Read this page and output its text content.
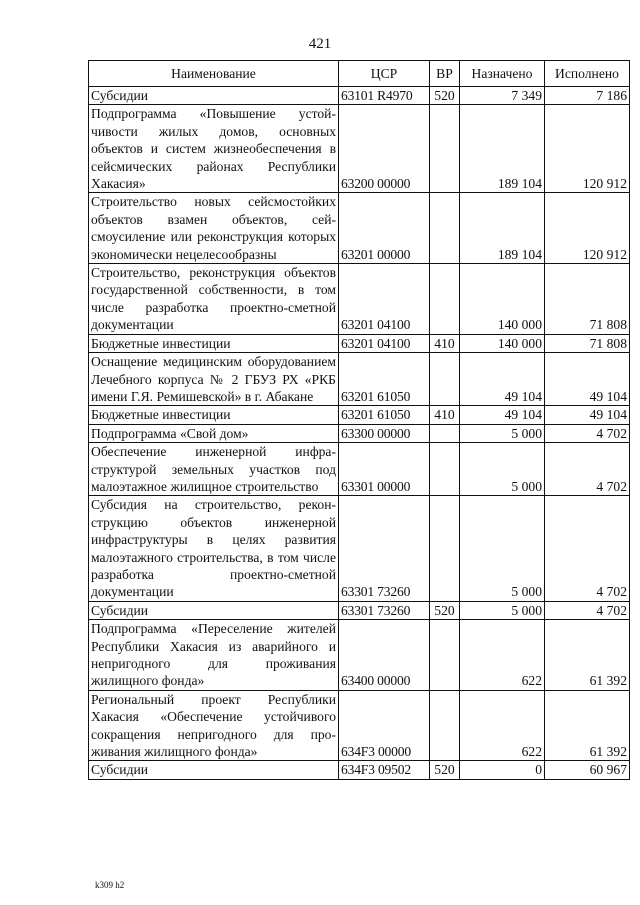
421
Наименование	ЦСР	ВР	Назначено	Исполнено
Субсидии	63101 R4970	520	7 349	7 186
Подпрограмма «Повышение устойчивости жилых домов, основных объектов и систем жизнеобеспечения в сейсмических районах Республики Хакасия»	63200 00000		189 104	120 912
Строительство новых сейсмостойких объектов взамен объектов, сейсмоусиление или реконструкция которых экономически нецелесообразны	63201 00000		189 104	120 912
Строительство, реконструкция объектов государственной собственности, в том числе разработка проектно-сметной документации	63201 04100		140 000	71 808
Бюджетные инвестиции	63201 04100	410	140 000	71 808
Оснащение медицинским оборудованием Лечебного корпуса № 2 ГБУЗ РХ «РКБ имени Г.Я. Ремишевской» в г. Абакане	63201 61050		49 104	49 104
Бюджетные инвестиции	63201 61050	410	49 104	49 104
Подпрограмма «Свой дом»	63300 00000		5 000	4 702
Обеспечение инженерной инфраструктурой земельных участков под малоэтажное жилищное строительство	63301 00000		5 000	4 702
Субсидия на строительство, реконструкцию объектов инженерной инфраструктуры в целях развития малоэтажного строительства, в том числе разработка проектно-сметной документации	63301 73260		5 000	4 702
Субсидии	63301 73260	520	5 000	4 702
Подпрограмма «Переселение жителей Республики Хакасия из аварийного и непригодного для проживания жилищного фонда»	63400 00000		622	61 392
Региональный проект Республики Хакасия «Обеспечение устойчивого сокращения непригодного для проживания жилищного фонда»	634F3 00000		622	61 392
Субсидии	634F3 09502	520	0	60 967
k309 h2
